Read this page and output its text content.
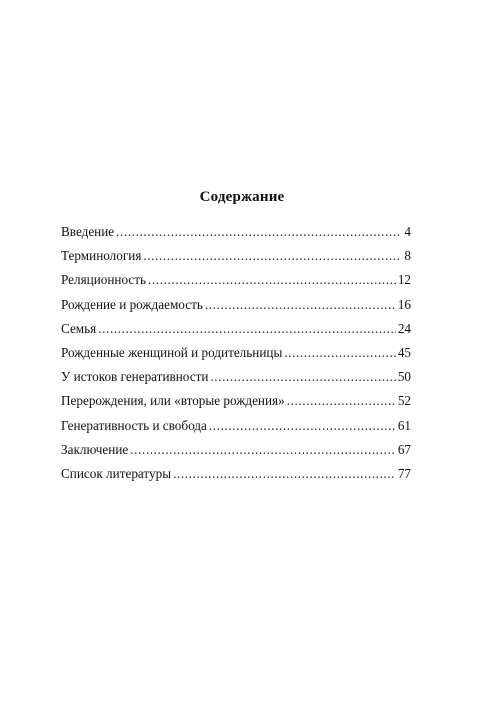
Содержание
Введение .....	4
Терминология .....	8
Реляционность .....	12
Рождение и рождаемость .....	16
Семья .....	24
Рожденные женщиной и родительницы .....	45
У истоков генеративности .....	50
Перерождения, или «вторые рождения» .....	52
Генеративность и свобода .....	61
Заключение .....	67
Список литературы .....	77
